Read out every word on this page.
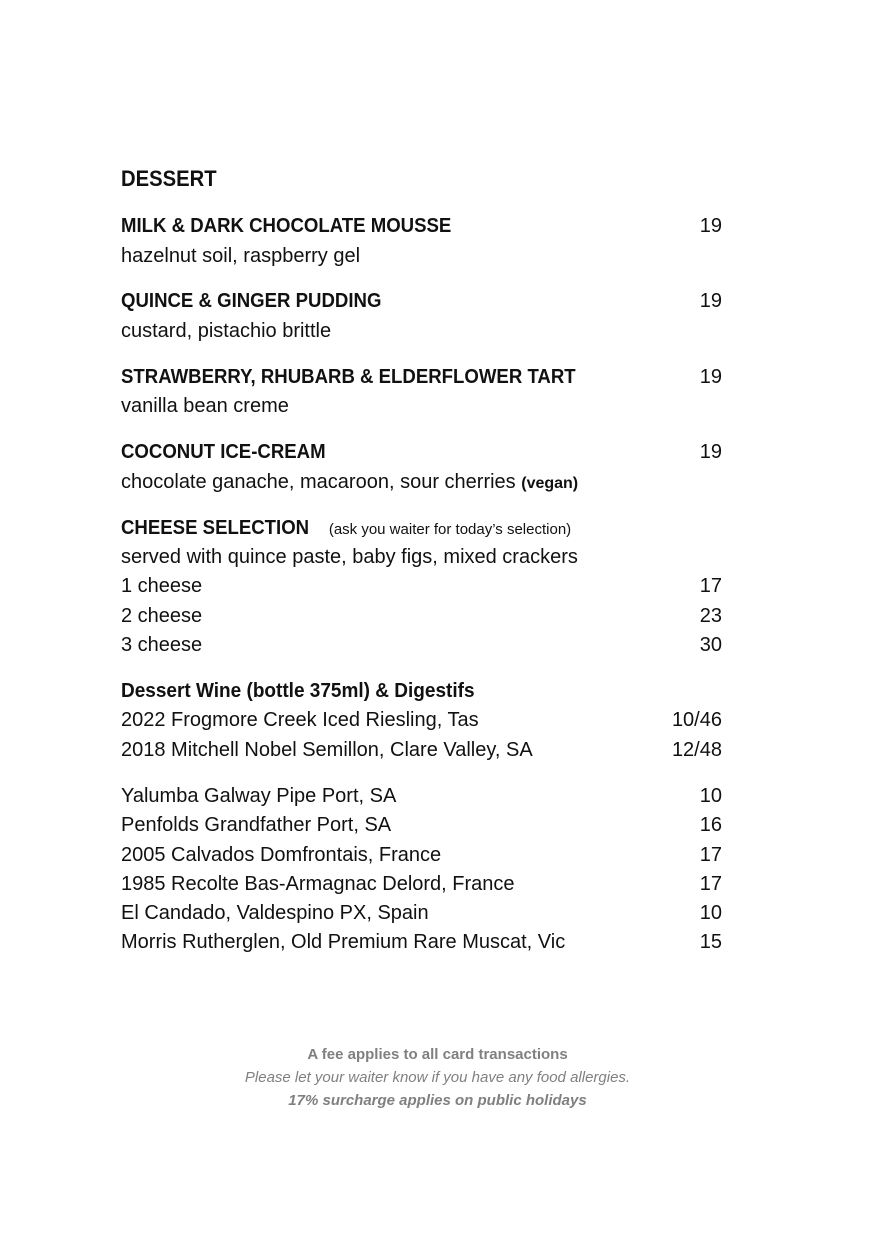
DESSERT
MILK & DARK CHOCOLATE MOUSSE	19
hazelnut soil, raspberry gel
QUINCE & GINGER PUDDING	19
custard, pistachio brittle
STRAWBERRY, RHUBARB & ELDERFLOWER TART	19
vanilla bean creme
COCONUT ICE-CREAM	19
chocolate ganache, macaroon, sour cherries (vegan)
CHEESE SELECTION (ask you waiter for today’s selection)
served with quince paste, baby figs, mixed crackers
1 cheese	17
2 cheese	23
3 cheese	30
Dessert Wine (bottle 375ml) & Digestifs
2022 Frogmore Creek Iced Riesling, Tas	10/46
2018 Mitchell Nobel Semillon, Clare Valley, SA	12/48
Yalumba Galway Pipe Port, SA	10
Penfolds Grandfather Port, SA	16
2005 Calvados Domfrontais, France	17
1985 Recolte Bas-Armagnac Delord, France	17
El Candado, Valdespino PX, Spain	10
Morris Rutherglen, Old Premium Rare Muscat, Vic	15
A fee applies to all card transactions
Please let your waiter know if you have any food allergies.
17% surcharge applies on public holidays
